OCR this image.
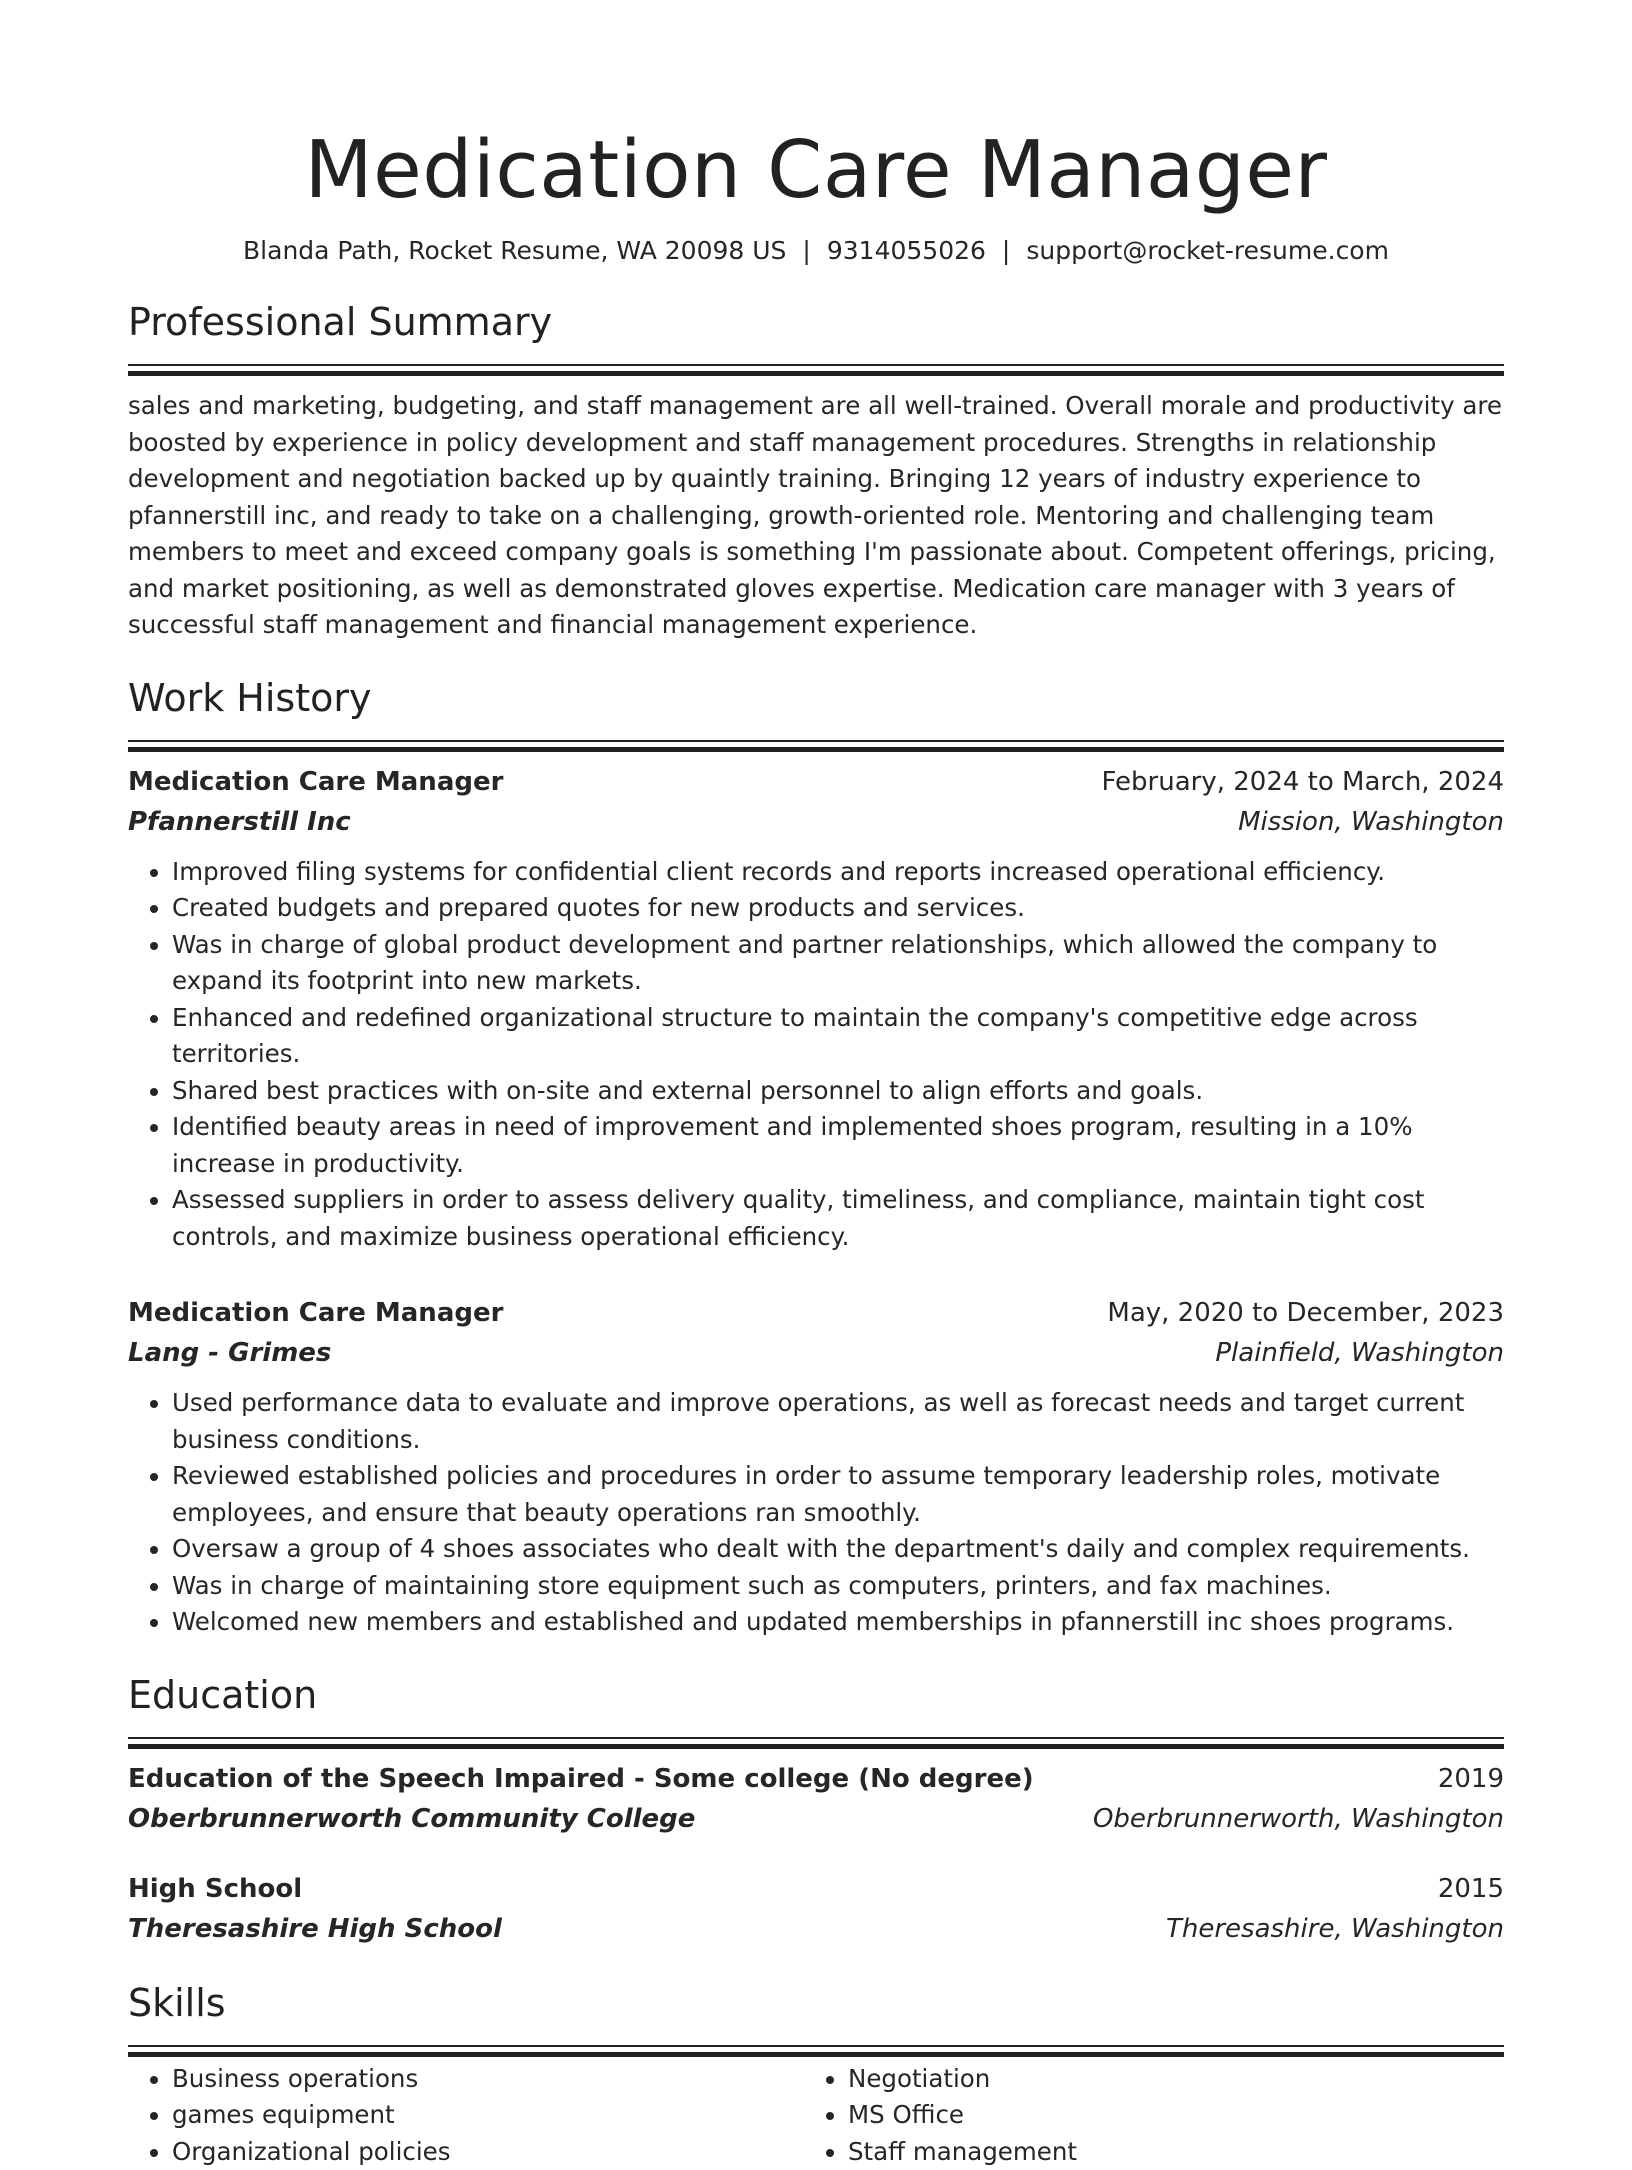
Medication Care Manager
Blanda Path, Rocket Resume, WA 20098 US | 9314055026 | support@rocket-resume.com
Professional Summary

sales and marketing, budgeting, and staff management are all well-trained. Overall morale and productivity are boosted by experience in policy development and staff management procedures. Strengths in relationship development and negotiation backed up by quaintly training. Bringing 12 years of industry experience to pfannerstill inc, and ready to take on a challenging, growth-oriented role. Mentoring and challenging team members to meet and exceed company goals is something I'm passionate about. Competent offerings, pricing, and market positioning, as well as demonstrated gloves expertise. Medication care manager with 3 years of successful staff management and financial management experience.

Work History
Medication Care Manager	February, 2024 to March, 2024
Pfannerstill Inc	Mission, Washington
• Improved filing systems for confidential client records and reports increased operational efficiency.
• Created budgets and prepared quotes for new products and services.
• Was in charge of global product development and partner relationships, which allowed the company to expand its footprint into new markets.
• Enhanced and redefined organizational structure to maintain the company's competitive edge across territories.
• Shared best practices with on-site and external personnel to align efforts and goals.
• Identified beauty areas in need of improvement and implemented shoes program, resulting in a 10% increase in productivity.
• Assessed suppliers in order to assess delivery quality, timeliness, and compliance, maintain tight cost controls, and maximize business operational efficiency.
Medication Care Manager	May, 2020 to December, 2023
Lang - Grimes	Plainfield, Washington
• Used performance data to evaluate and improve operations, as well as forecast needs and target current business conditions.
• Reviewed established policies and procedures in order to assume temporary leadership roles, motivate employees, and ensure that beauty operations ran smoothly.
• Oversaw a group of 4 shoes associates who dealt with the department's daily and complex requirements.
• Was in charge of maintaining store equipment such as computers, printers, and fax machines.
• Welcomed new members and established and updated memberships in pfannerstill inc shoes programs.
Education
Education of the Speech Impaired - Some college (No degree)	2019
Oberbrunnerworth Community College	Oberbrunnerworth, Washington
High School	2015
Theresashire High School	Theresashire, Washington
Skills
• Business operations
• games equipment
• Organizational policies
• Negotiation
• MS Office
• Staff management
